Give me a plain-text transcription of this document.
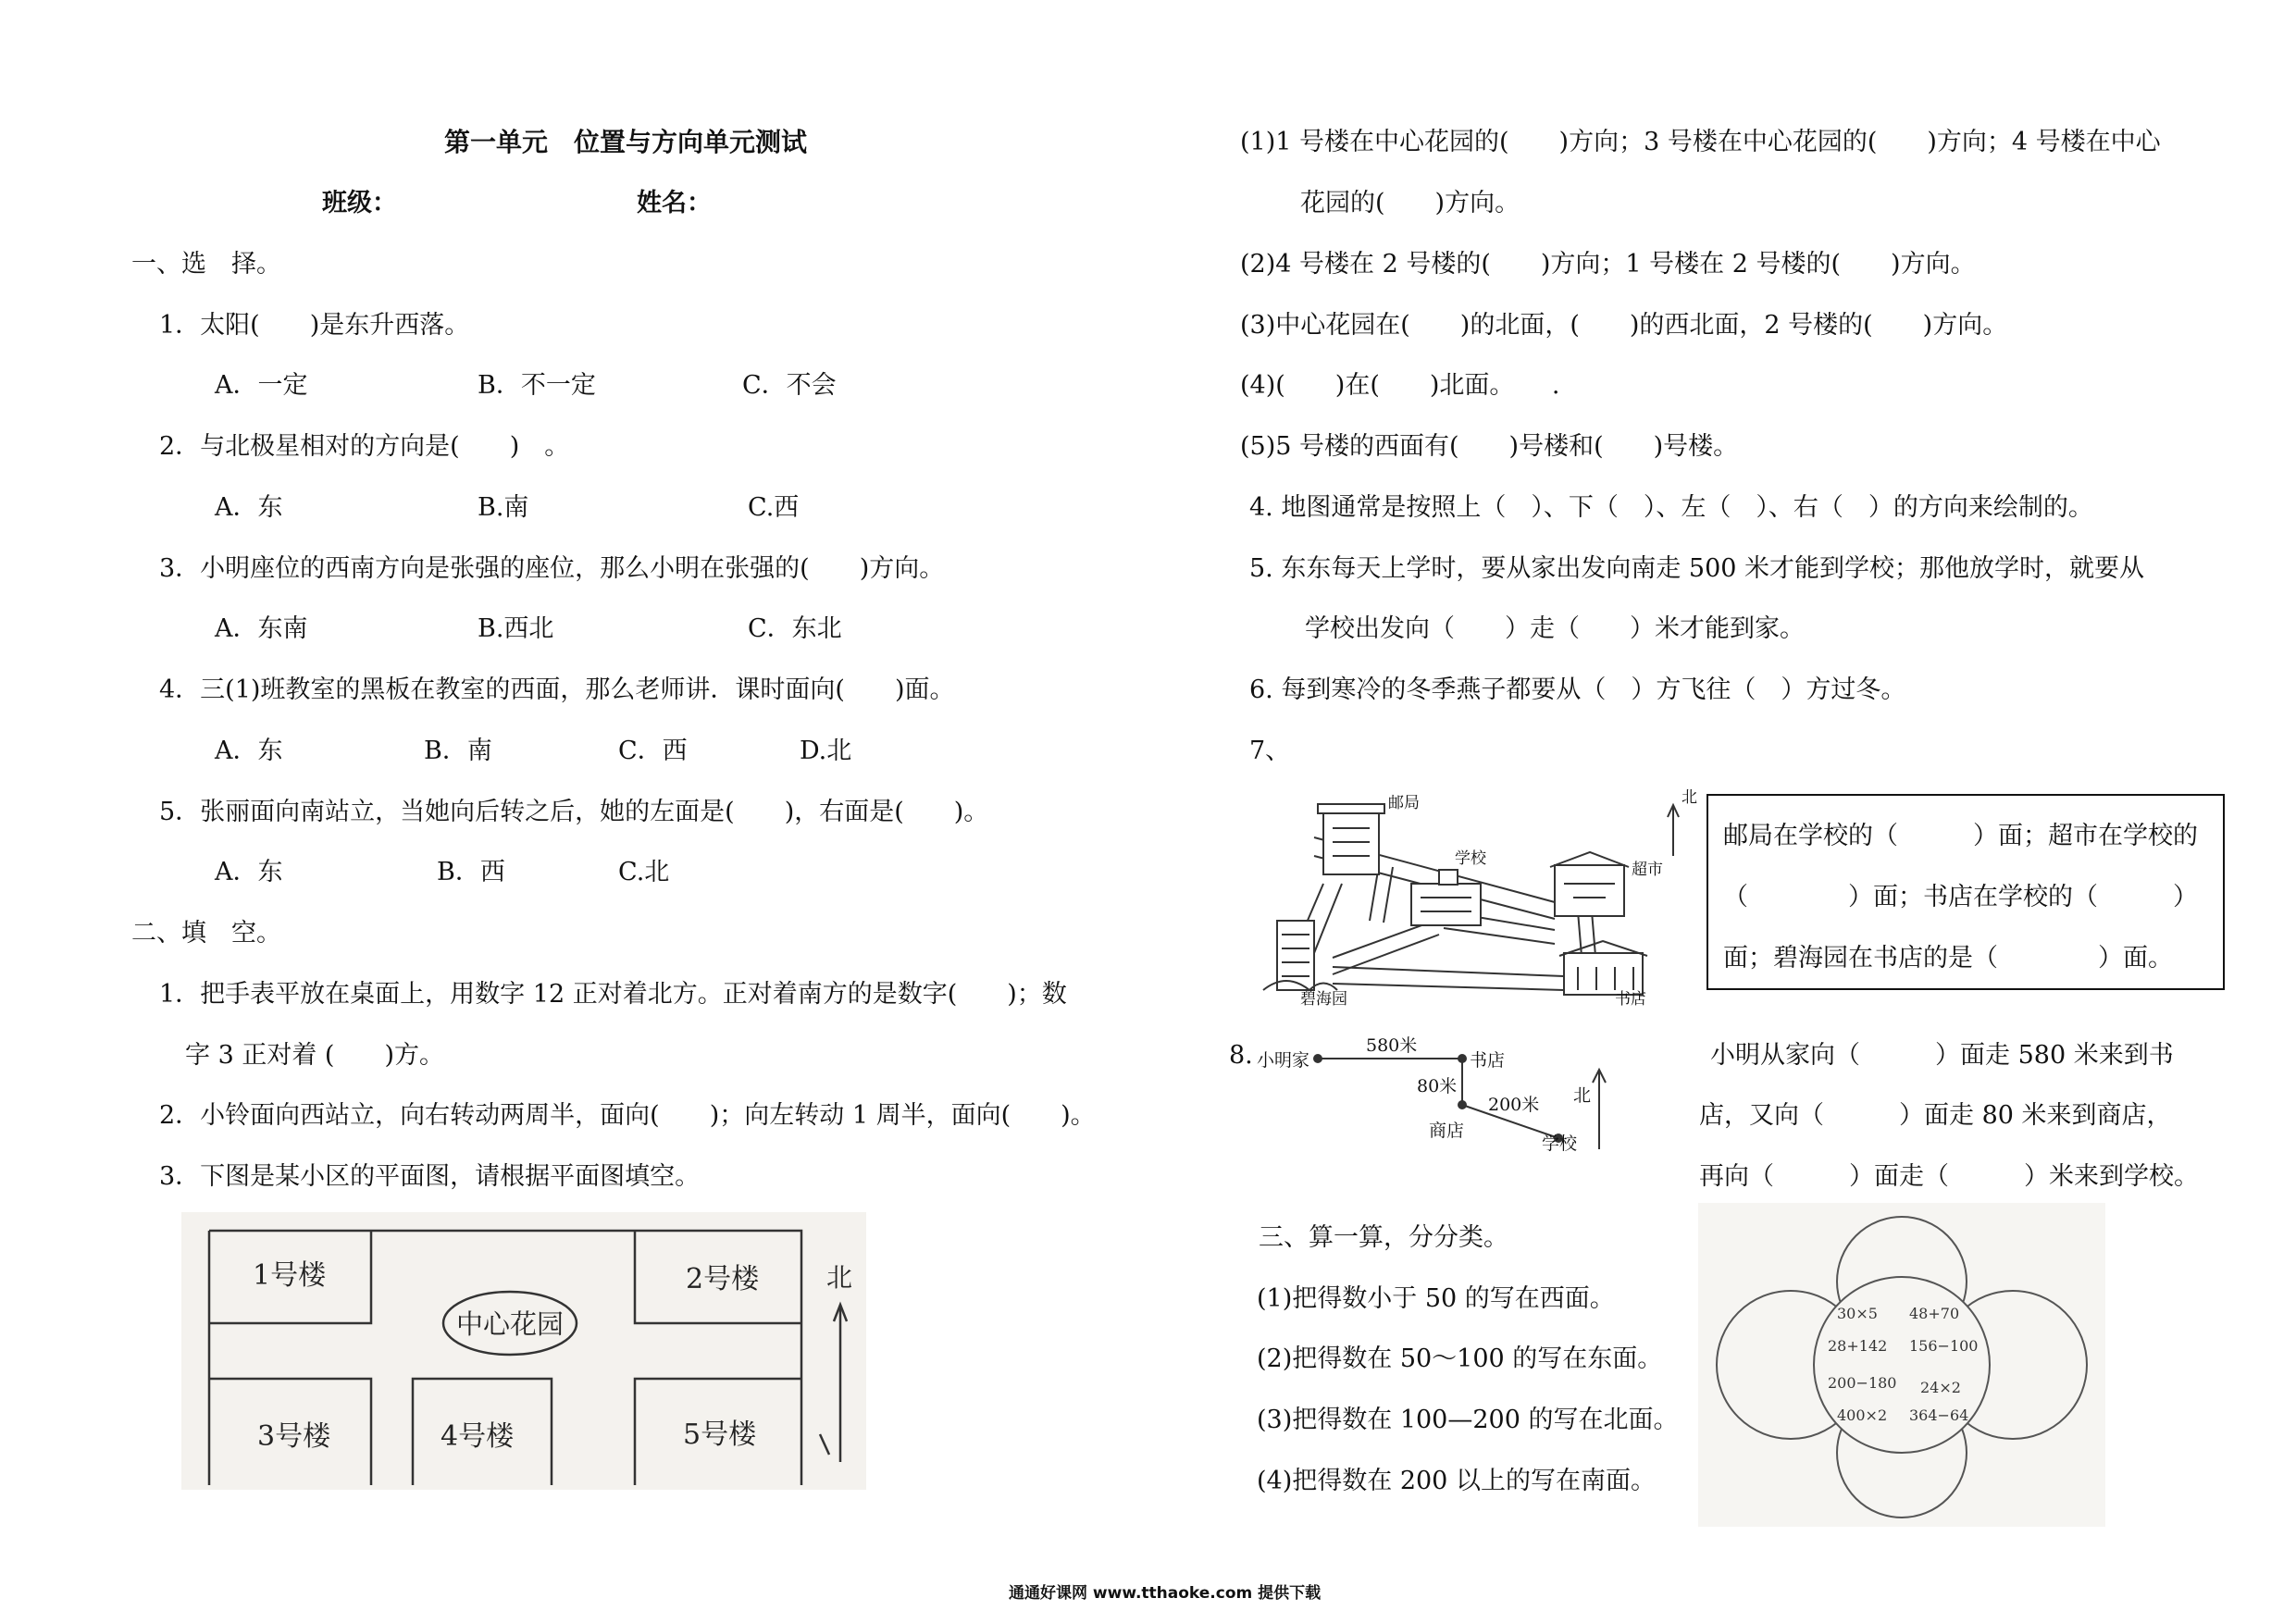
第一单元　位置与方向单元测试
班级：	姓名：
一、选　择。
1．太阳(　　)是东升西落。
A．一定	B．不一定	C．不会
2．与北极星相对的方向是(　　)　。
A．东	B.南	C.西
3．小明座位的西南方向是张强的座位，那么小明在张强的(　　)方向。
A．东南	B.西北	C．东北
4．三(1)班教室的黑板在教室的西面，那么老师讲．课时面向(　　)面。
A．东	B．南	C．西	D.北
5．张丽面向南站立，当她向后转之后，她的左面是(　　)，右面是(　　)。
A．东	B．西	C.北
二、填　空。
1．把手表平放在桌面上，用数字 12 正对着北方。正对着南方的是数字(　　)；数
字 3 正对着 (　　)方。
2．小铃面向西站立，向右转动两周半，面向(　　)；向左转动 1 周半，面向(　　)。
3．下图是某小区的平面图，请根据平面图填空。
1号楼	2号楼
3号楼	4号楼	5号楼
中心花园
北
(1)1 号楼在中心花园的(　　)方向；3 号楼在中心花园的(　　)方向；4 号楼在中心
花园的(　　)方向。
(2)4 号楼在 2 号楼的(　　)方向；1 号楼在 2 号楼的(　　)方向。
(3)中心花园在(　　)的北面，(　　)的西北面，2 号楼的(　　)方向。
(4)(　　)在(　　)北面。　　.
(5)5 号楼的西面有(　　)号楼和(　　)号楼。
4. 地图通常是按照上（　）、下（　）、左（　）、右（　）的方向来绘制的。
5. 东东每天上学时，要从家出发向南走 500 米才能到学校；那他放学时，就要从
学校出发向（　　）走（　　）米才能到家。
6. 每到寒冷的冬季燕子都要从（　）方飞往（　）方过冬。
7、
邮局
超市
学校
碧海园	书店
北
邮局在学校的（　　　）面；超市在学校的
（　　　　）面；书店在学校的（　　　）
面；碧海园在书店的是（　　　　）面。
8. 小明家	书店
商店
学校
580米
80米
200米 北
小明从家向（　　　）面走 580 米来到书
店，又向（　　　）面走 80 米来到商店，
再向（　　　）面走（　　　）米来到学校。
三、算一算，分分类。
(1)把得数小于 50 的写在西面。
(2)把得数在 50～100 的写在东面。
(3)把得数在 100—200 的写在北面。
(4)把得数在 200 以上的写在南面。
30×5 48+70
28+142 156−100
200−180 24×2
400×2 364−64
通通好课网 www.tthaoke.com 提供下载
